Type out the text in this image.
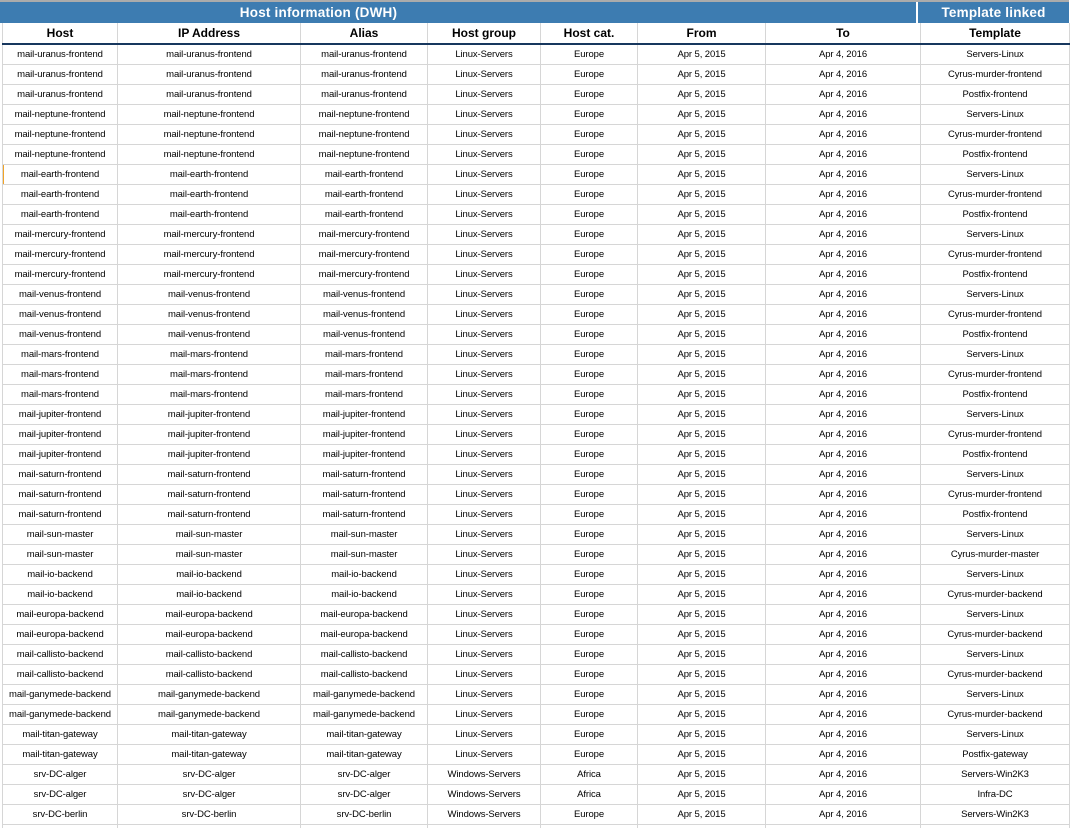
Host information (DWH)	Template linked
Host	IP Address	Alias	Host group	Host cat.	From	To	Template
mail-uranus-frontend	mail-uranus-frontend	mail-uranus-frontend	Linux-Servers	Europe	Apr 5, 2015	Apr 4, 2016	Servers-Linux
mail-uranus-frontend	mail-uranus-frontend	mail-uranus-frontend	Linux-Servers	Europe	Apr 5, 2015	Apr 4, 2016	Cyrus-murder-frontend
mail-uranus-frontend	mail-uranus-frontend	mail-uranus-frontend	Linux-Servers	Europe	Apr 5, 2015	Apr 4, 2016	Postfix-frontend
mail-neptune-frontend	mail-neptune-frontend	mail-neptune-frontend	Linux-Servers	Europe	Apr 5, 2015	Apr 4, 2016	Servers-Linux
mail-neptune-frontend	mail-neptune-frontend	mail-neptune-frontend	Linux-Servers	Europe	Apr 5, 2015	Apr 4, 2016	Cyrus-murder-frontend
mail-neptune-frontend	mail-neptune-frontend	mail-neptune-frontend	Linux-Servers	Europe	Apr 5, 2015	Apr 4, 2016	Postfix-frontend
mail-earth-frontend	mail-earth-frontend	mail-earth-frontend	Linux-Servers	Europe	Apr 5, 2015	Apr 4, 2016	Servers-Linux
mail-earth-frontend	mail-earth-frontend	mail-earth-frontend	Linux-Servers	Europe	Apr 5, 2015	Apr 4, 2016	Cyrus-murder-frontend
mail-earth-frontend	mail-earth-frontend	mail-earth-frontend	Linux-Servers	Europe	Apr 5, 2015	Apr 4, 2016	Postfix-frontend
mail-mercury-frontend	mail-mercury-frontend	mail-mercury-frontend	Linux-Servers	Europe	Apr 5, 2015	Apr 4, 2016	Servers-Linux
mail-mercury-frontend	mail-mercury-frontend	mail-mercury-frontend	Linux-Servers	Europe	Apr 5, 2015	Apr 4, 2016	Cyrus-murder-frontend
mail-mercury-frontend	mail-mercury-frontend	mail-mercury-frontend	Linux-Servers	Europe	Apr 5, 2015	Apr 4, 2016	Postfix-frontend
mail-venus-frontend	mail-venus-frontend	mail-venus-frontend	Linux-Servers	Europe	Apr 5, 2015	Apr 4, 2016	Servers-Linux
mail-venus-frontend	mail-venus-frontend	mail-venus-frontend	Linux-Servers	Europe	Apr 5, 2015	Apr 4, 2016	Cyrus-murder-frontend
mail-venus-frontend	mail-venus-frontend	mail-venus-frontend	Linux-Servers	Europe	Apr 5, 2015	Apr 4, 2016	Postfix-frontend
mail-mars-frontend	mail-mars-frontend	mail-mars-frontend	Linux-Servers	Europe	Apr 5, 2015	Apr 4, 2016	Servers-Linux
mail-mars-frontend	mail-mars-frontend	mail-mars-frontend	Linux-Servers	Europe	Apr 5, 2015	Apr 4, 2016	Cyrus-murder-frontend
mail-mars-frontend	mail-mars-frontend	mail-mars-frontend	Linux-Servers	Europe	Apr 5, 2015	Apr 4, 2016	Postfix-frontend
mail-jupiter-frontend	mail-jupiter-frontend	mail-jupiter-frontend	Linux-Servers	Europe	Apr 5, 2015	Apr 4, 2016	Servers-Linux
mail-jupiter-frontend	mail-jupiter-frontend	mail-jupiter-frontend	Linux-Servers	Europe	Apr 5, 2015	Apr 4, 2016	Cyrus-murder-frontend
mail-jupiter-frontend	mail-jupiter-frontend	mail-jupiter-frontend	Linux-Servers	Europe	Apr 5, 2015	Apr 4, 2016	Postfix-frontend
mail-saturn-frontend	mail-saturn-frontend	mail-saturn-frontend	Linux-Servers	Europe	Apr 5, 2015	Apr 4, 2016	Servers-Linux
mail-saturn-frontend	mail-saturn-frontend	mail-saturn-frontend	Linux-Servers	Europe	Apr 5, 2015	Apr 4, 2016	Cyrus-murder-frontend
mail-saturn-frontend	mail-saturn-frontend	mail-saturn-frontend	Linux-Servers	Europe	Apr 5, 2015	Apr 4, 2016	Postfix-frontend
mail-sun-master	mail-sun-master	mail-sun-master	Linux-Servers	Europe	Apr 5, 2015	Apr 4, 2016	Servers-Linux
mail-sun-master	mail-sun-master	mail-sun-master	Linux-Servers	Europe	Apr 5, 2015	Apr 4, 2016	Cyrus-murder-master
mail-io-backend	mail-io-backend	mail-io-backend	Linux-Servers	Europe	Apr 5, 2015	Apr 4, 2016	Servers-Linux
mail-io-backend	mail-io-backend	mail-io-backend	Linux-Servers	Europe	Apr 5, 2015	Apr 4, 2016	Cyrus-murder-backend
mail-europa-backend	mail-europa-backend	mail-europa-backend	Linux-Servers	Europe	Apr 5, 2015	Apr 4, 2016	Servers-Linux
mail-europa-backend	mail-europa-backend	mail-europa-backend	Linux-Servers	Europe	Apr 5, 2015	Apr 4, 2016	Cyrus-murder-backend
mail-callisto-backend	mail-callisto-backend	mail-callisto-backend	Linux-Servers	Europe	Apr 5, 2015	Apr 4, 2016	Servers-Linux
mail-callisto-backend	mail-callisto-backend	mail-callisto-backend	Linux-Servers	Europe	Apr 5, 2015	Apr 4, 2016	Cyrus-murder-backend
mail-ganymede-backend	mail-ganymede-backend	mail-ganymede-backend	Linux-Servers	Europe	Apr 5, 2015	Apr 4, 2016	Servers-Linux
mail-ganymede-backend	mail-ganymede-backend	mail-ganymede-backend	Linux-Servers	Europe	Apr 5, 2015	Apr 4, 2016	Cyrus-murder-backend
mail-titan-gateway	mail-titan-gateway	mail-titan-gateway	Linux-Servers	Europe	Apr 5, 2015	Apr 4, 2016	Servers-Linux
mail-titan-gateway	mail-titan-gateway	mail-titan-gateway	Linux-Servers	Europe	Apr 5, 2015	Apr 4, 2016	Postfix-gateway
srv-DC-alger	srv-DC-alger	srv-DC-alger	Windows-Servers	Africa	Apr 5, 2015	Apr 4, 2016	Servers-Win2K3
srv-DC-alger	srv-DC-alger	srv-DC-alger	Windows-Servers	Africa	Apr 5, 2015	Apr 4, 2016	Infra-DC
srv-DC-berlin	srv-DC-berlin	srv-DC-berlin	Windows-Servers	Europe	Apr 5, 2015	Apr 4, 2016	Servers-Win2K3
